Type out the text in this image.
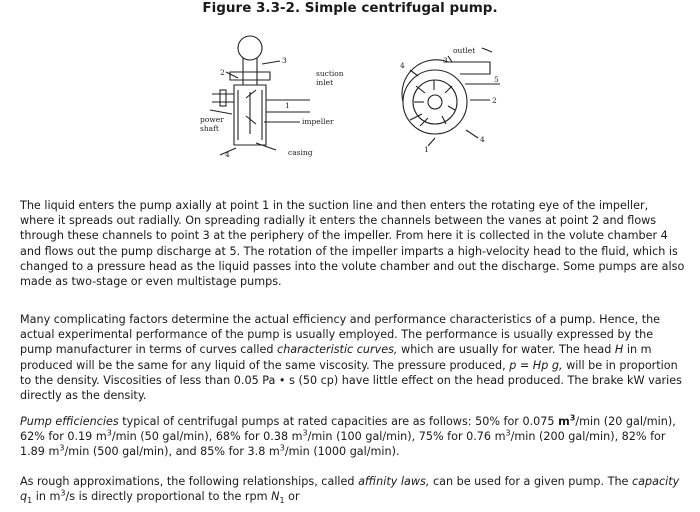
Figure 3.3-2. Simple centrifugal pump.
2
3
1
4
suction
inlet
power
shaft
impeller
casing
outlet
3
4
5
2
1
4

The liquid enters the pump axially at point 1 in the suction line and then enters the rotating eye of the impeller, where it spreads out radially. On spreading radially it enters the channels between the vanes at point 2 and flows through these channels to point 3 at the periphery of the impeller. From here it is collected in the volute chamber 4 and flows out the pump discharge at 5. The rotation of the impeller imparts a high-velocity head to the fluid, which is changed to a pressure head as the liquid passes into the volute chamber and out the discharge. Some pumps are also made as two-stage or even multistage pumps.

Many complicating factors determine the actual efficiency and performance characteristics of a pump. Hence, the actual experimental performance of the pump is usually employed. The performance is usually expressed by the pump manufacturer in terms of curves called characteristic curves, which are usually for water. The head H in m produced will be the same for any liquid of the same viscosity. The pressure produced, p = Hp g, will be in proportion to the density. Viscosities of less than 0.05 Pa • s (50 cp) have little effect on the head produced. The brake kW varies directly as the density.

Pump efficiencies typical of centrifugal pumps at rated capacities are as follows: 50% for 0.075 $m^3/\min$ (20 gal/min), 62% for 0.19 $m^3/\min$ (50 gal/min), 68% for 0.38 $m^3/\min$ (100 gal/min), 75% for 0.76 $m^3/\min$ (200 gal/min), 82% for 1.89 $m^3/\min$ (500 gal/min), and 85% for 3.8 $m^3/\min$ (1000 gal/min).

As rough approximations, the following relationships, called affinity laws, can be used for a given pump. The capacity $q_1$ in $m^3/s$ is directly proportional to the rpm $N_1$ or
